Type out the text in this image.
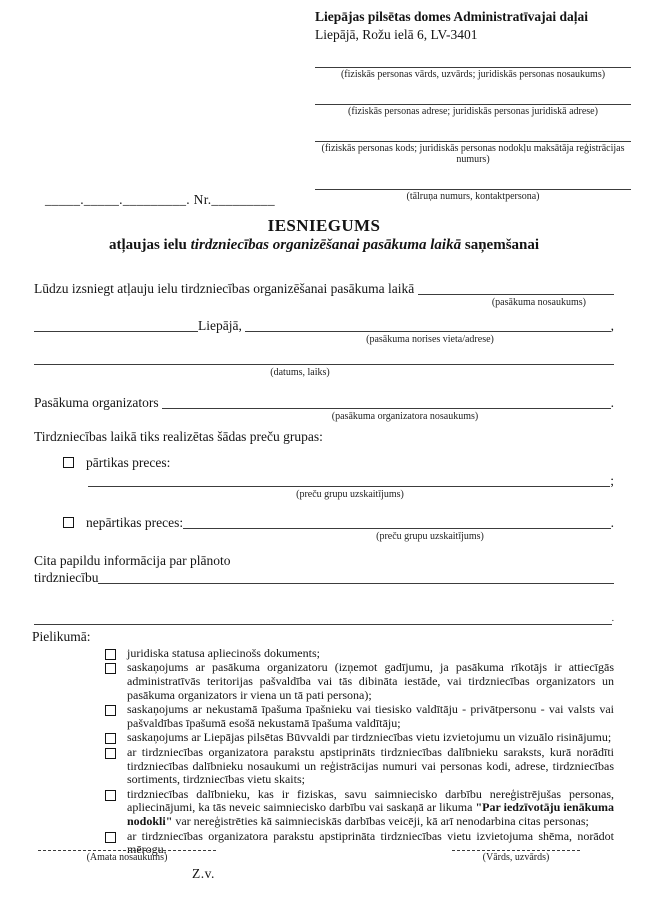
Liepājas pilsētas domes Administratīvajai daļai
Liepājā, Rožu ielā 6, LV-3401
(fiziskās personas vārds, uzvārds; juridiskās personas nosaukums)
(fiziskās personas adrese; juridiskās personas juridiskā adrese)
(fiziskās personas kods; juridiskās personas nodokļu maksātāja reģistrācijas numurs)
(tālruņa numurs, kontaktpersona)
_____._____._________. Nr._________
IESNIEGUMS
atļaujas ielu tirdzniecības organizēšanai pasākuma laikā saņemšanai
Lūdzu izsniegt atļauju ielu tirdzniecības organizēšanai pasākuma laikā
(pasākuma nosaukums)
Liepājā,	,
(pasākuma norises vieta/adrese)
(datums, laiks)
Pasākuma organizators	.
(pasākuma organizatora nosaukums)
Tirdzniecības laikā tiks realizētas šādas preču grupas:
pārtikas preces:
;
(preču grupu uzskaitījums)
nepārtikas preces:	.
(preču grupu uzskaitījums)
Cita papildu informācija par plānoto
tirdzniecību
.
Pielikumā:
juridiska statusa apliecinošs dokuments;
saskaņojums ar pasākuma organizatoru (izņemot gadījumu, ja pasākuma rīkotājs ir attiecīgās administratīvās teritorijas pašvaldība vai tās dibināta iestāde, vai tirdzniecības organizators un pasākuma organizators ir viena un tā pati persona);
saskaņojums ar nekustamā īpašuma īpašnieku vai tiesisko valdītāju - privātpersonu - vai valsts vai pašvaldības īpašumā esošā nekustamā īpašuma valdītāju;
saskaņojums ar Liepājas pilsētas Būvvaldi par tirdzniecības vietu izvietojumu un vizuālo risinājumu;
ar tirdzniecības organizatora parakstu apstiprināts tirdzniecības dalībnieku saraksts, kurā norādīti tirdzniecības dalībnieku nosaukumi un reģistrācijas numuri vai personas kodi, adrese, tirdzniecības sortiments, tirdzniecības vietu skaits;
tirdzniecības dalībnieku, kas ir fiziskas, savu saimniecisko darbību nereģistrējušas personas, apliecinājumi, ka tās neveic saimniecisko darbību vai saskaņā ar likuma "Par iedzīvotāju ienākuma nodokli" var nereģistrēties kā saimnieciskās darbības veicēji, kā arī nenodarbina citas personas;
ar tirdzniecības organizatora parakstu apstiprināta tirdzniecības vietu izvietojuma shēma, norādot mērogu.
(Amata nosaukums)	(Vārds, uzvārds)
Z.v.
